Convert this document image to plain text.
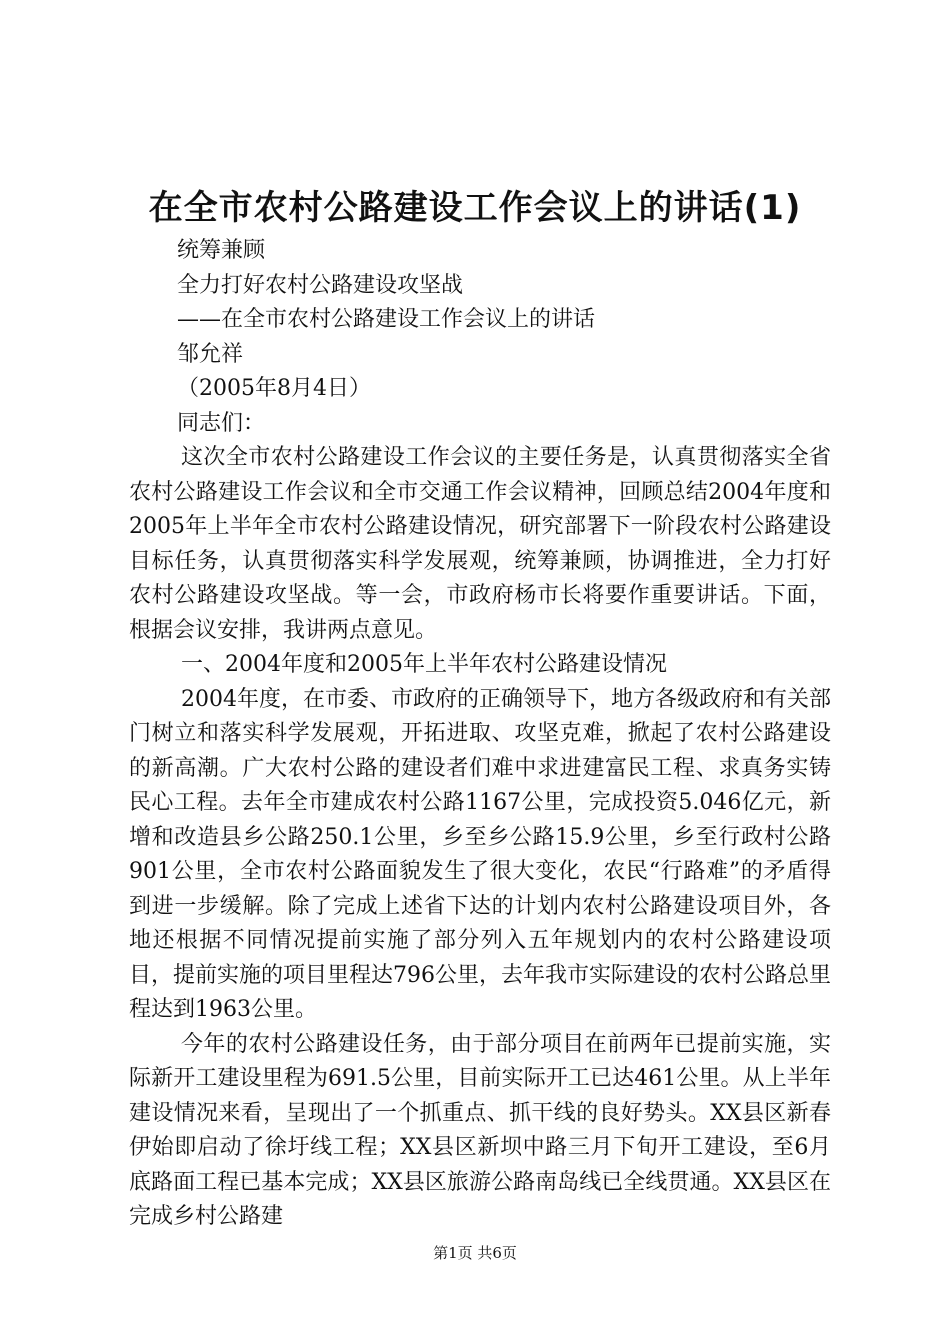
在全市农村公路建设工作会议上的讲话(1)

统筹兼顾

全力打好农村公路建设攻坚战

——在全市农村公路建设工作会议上的讲话

邹允祥

（2005年8月4日）

同志们：

这次全市农村公路建设工作会议的主要任务是，认真贯彻落实全省农村公路建设工作会议和全市交通工作会议精神，回顾总结2004年度和2005年上半年全市农村公路建设情况，研究部署下一阶段农村公路建设目标任务，认真贯彻落实科学发展观，统筹兼顾，协调推进，全力打好农村公路建设攻坚战。等一会，市政府杨市长将要作重要讲话。下面，根据会议安排，我讲两点意见。

一、2004年度和2005年上半年农村公路建设情况

2004年度，在市委、市政府的正确领导下，地方各级政府和有关部门树立和落实科学发展观，开拓进取、攻坚克难，掀起了农村公路建设的新高潮。广大农村公路的建设者们难中求进建富民工程、求真务实铸民心工程。去年全市建成农村公路1167公里，完成投资5.046亿元，新增和改造县乡公路250.1公里，乡至乡公路15.9公里，乡至行政村公路901公里，全市农村公路面貌发生了很大变化，农民“行路难”的矛盾得到进一步缓解。除了完成上述省下达的计划内农村公路建设项目外，各地还根据不同情况提前实施了部分列入五年规划内的农村公路建设项目，提前实施的项目里程达796公里，去年我市实际建设的农村公路总里程达到1963公里。

今年的农村公路建设任务，由于部分项目在前两年已提前实施，实际新开工建设里程为691.5公里，目前实际开工已达461公里。从上半年建设情况来看，呈现出了一个抓重点、抓干线的良好势头。XX县区新春伊始即启动了徐圩线工程；XX县区新坝中路三月下旬开工建设，至6月底路面工程已基本完成；XX县区旅游公路南岛线已全线贯通。XX县区在完成乡村公路建

第1页 共6页
